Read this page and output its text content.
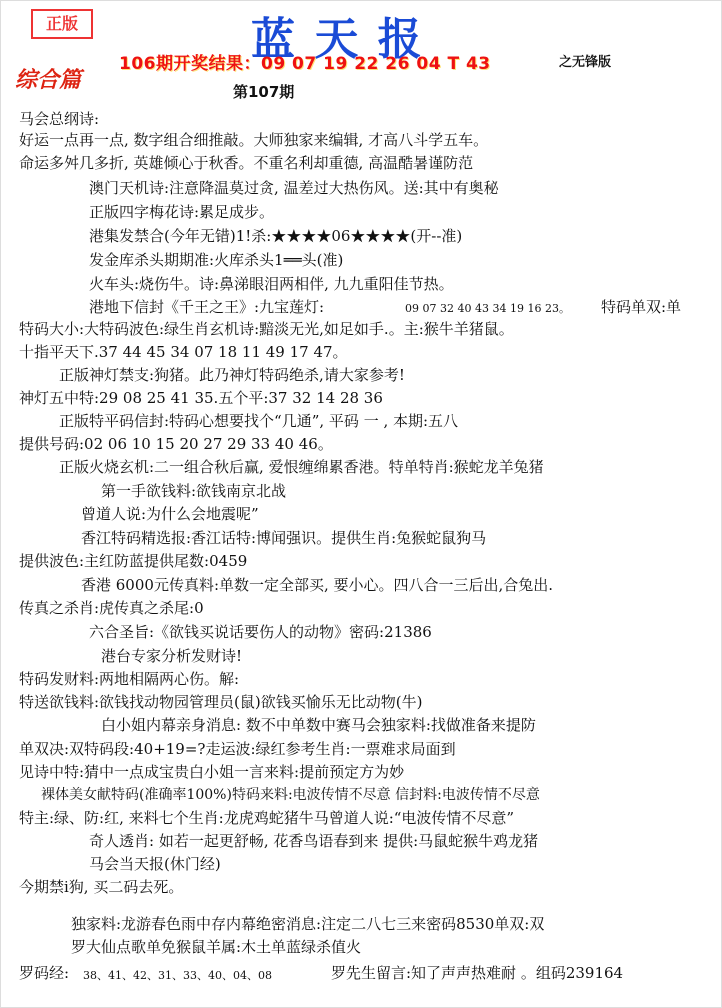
正版	蓝 天 报
106期开奖结果：09 07 19 22 26 04 T 43	之无锋版
综合篇	第107期
马会总纲诗:
好运一点再一点, 数字组合细推敲。大师独家来编辑, 才高八斗学五车。
命运多舛几多折, 英雄倾心于秋香。不重名利却重德, 高温酷暑谨防范
澳门天机诗:注意降温莫过贪, 温差过大热伤风。送:其中有奥秘
正版四字梅花诗:累足成步。
港集发禁合(今年无错)1!杀:★★★★06★★★★(开--准)
发金库杀头期期准:火库杀头1══头(准)
火车头:烧伤牛。诗:鼻涕眼泪两相伴, 九九重阳佳节热。
港地下信封《千王之王》:九宝莲灯:	09 07 32 40 43 34 19 16 23。 特码单双:单
特码大小:大特码波色:绿生肖玄机诗:黯淡无光,如足如手.。主:猴牛羊猪鼠。
十指平天下.37 44 45 34 07 18 11 49 17 47。
正版神灯禁支:狗猪。此乃神灯特码绝杀,请大家参考!
神灯五中特:29 08 25 41 35.五个平:37 32 14 28 36
正版特平码信封:特码心想要找个“几通”, 平码 一 , 本期:五八
提供号码:02 06 10 15 20 27 29 33 40 46。
正版火烧玄机:二一组合秋后赢, 爱恨缠绵累香港。特单特肖:猴蛇龙羊兔猪
第一手欲钱料:欲钱南京北战
曾道人说:为什么会地震呢”
香江特码精选报:香江话特:博闻强识。提供生肖:兔猴蛇鼠狗马
提供波色:主红防蓝提供尾数:0459
香港 6000元传真料:单数一定全部买, 要小心。四八合一三后出,合兔出.
传真之杀肖:虎传真之杀尾:0
六合圣旨:《欲钱买说话要伤人的动物》密码:21386
港台专家分析发财诗!
特码发财料:两地相隔两心伤。解:
特送欲钱料:欲钱找动物园管理员(鼠)欲钱买愉乐无比动物(牛)
白小姐内幕亲身消息: 数不中单数中赛马会独家料:找做准备来提防
单双决:双特码段:40+19=?走运波:绿红参考生肖:一票难求局面到
见诗中特:猜中一点成宝贵白小姐一言来料:提前预定方为妙
裸体美女献特码(准确率100%)特码来料:电波传情不尽意 信封料:电波传情不尽意
特主:绿、防:红, 来料七个生肖:龙虎鸡蛇猪牛马曾道人说:“电波传情不尽意”
奇人透肖: 如若一起更舒畅, 花香鸟语春到来 提供:马鼠蛇猴牛鸡龙猪
马会当天报(休门经)
今期禁i狗, 买二码去死。
独家料:龙游春色雨中存内幕绝密消息:注定二八七三来密码8530单双:双
罗大仙点歌单免猴鼠羊属:木土单蓝绿杀值火
罗码经: 38、41、42、31、33、40、04、08	罗先生留言:知了声声热难耐 。组码239164
